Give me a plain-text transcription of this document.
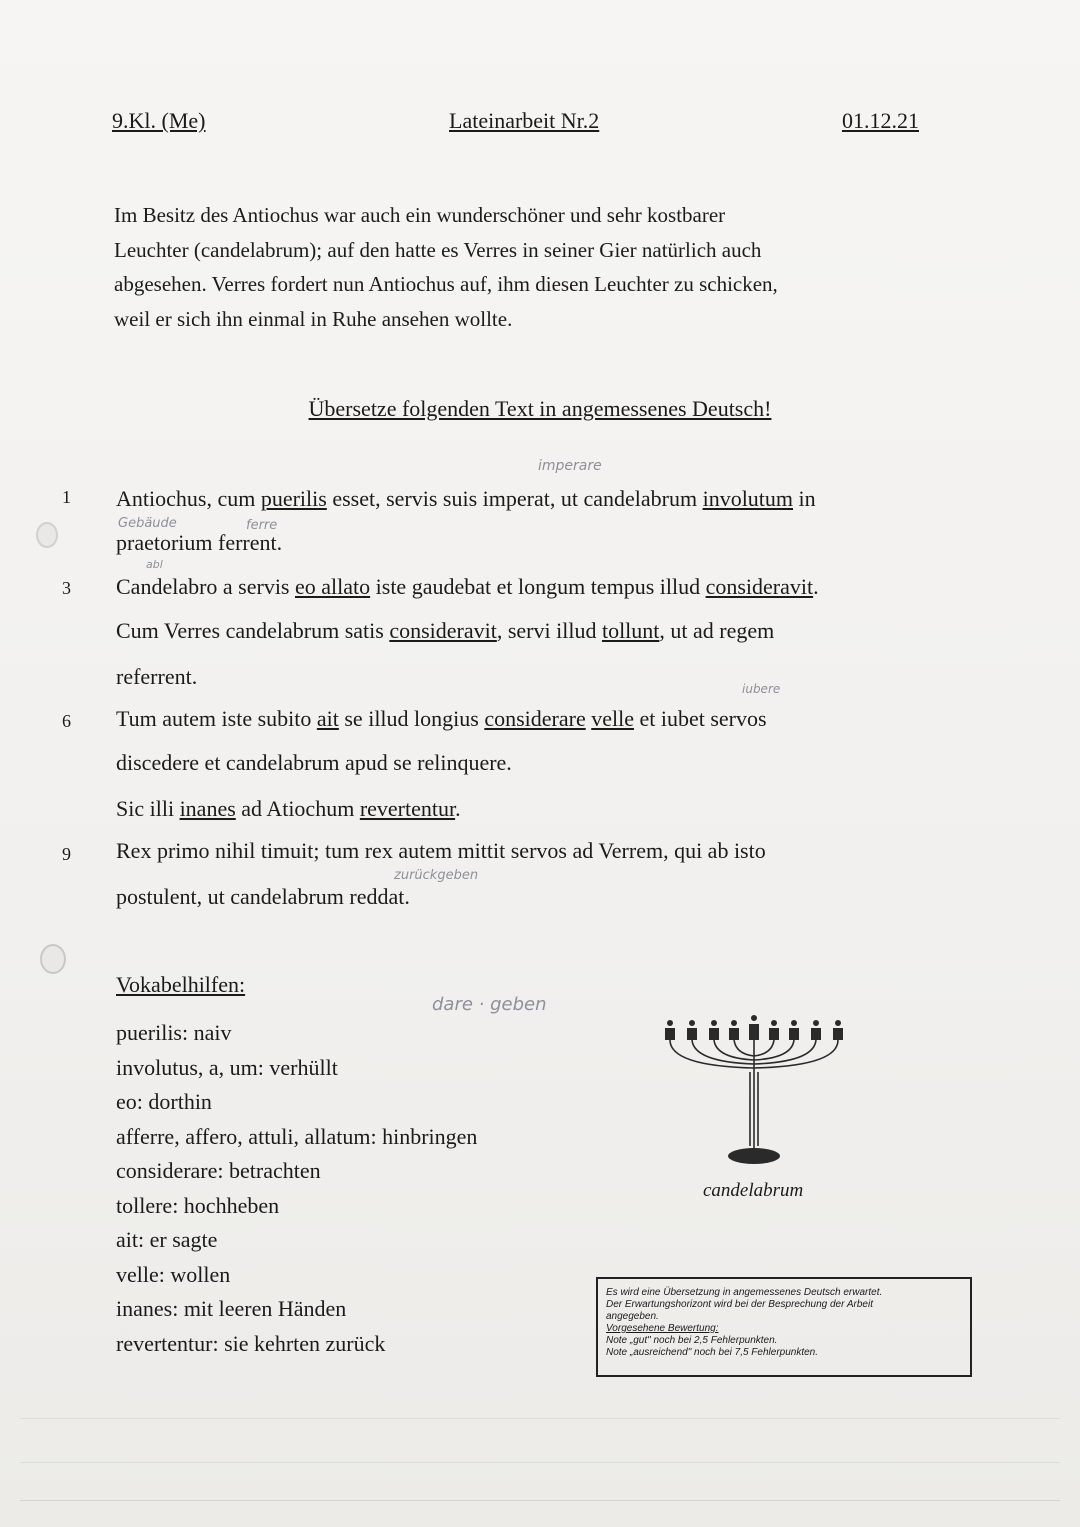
9.Kl. (Me)	Lateinarbeit Nr.2	01.12.21

Im Besitz des Antiochus war auch ein wunderschöner und sehr kostbarer

Leuchter (candelabrum); auf den hatte es Verres in seiner Gier natürlich auch

abgesehen. Verres fordert nun Antiochus auf, ihm diesen Leuchter zu schicken,

weil er sich ihn einmal in Ruhe ansehen wollte.

Übersetze folgenden Text in angemessenes Deutsch!
1
3
6
9
imperare
Gebäude	ferre
abl
iubere
zurückgeben
dare · geben
Antiochus, cum puerilis esset, servis suis imperat, ut candelabrum involutum in
praetorium ferrent.
Candelabro a servis eo allato iste gaudebat et longum tempus illud consideravit.
Cum Verres candelabrum satis consideravit, servi illud tollunt, ut ad regem
referrent.
Tum autem iste subito ait se illud longius considerare velle et iubet servos
discedere et candelabrum apud se relinquere.
Sic illi inanes ad Atiochum revertentur.
Rex primo nihil timuit; tum rex autem mittit servos ad Verrem, qui ab isto
postulent, ut candelabrum reddat.
Vokabelhilfen:
puerilis: naiv
involutus, a, um: verhüllt
eo: dorthin
afferre, affero, attuli, allatum: hinbringen
considerare: betrachten
tollere: hochheben
ait: er sagte
velle: wollen
inanes: mit leeren Händen
revertentur: sie kehrten zurück
candelabrum
Es wird eine Übersetzung in angemessenes Deutsch erwartet.
Der Erwartungshorizont wird bei der Besprechung der Arbeit
angegeben.
Vorgesehene Bewertung:
Note „gut" noch bei 2,5 Fehlerpunkten.
Note „ausreichend" noch bei 7,5 Fehlerpunkten.
